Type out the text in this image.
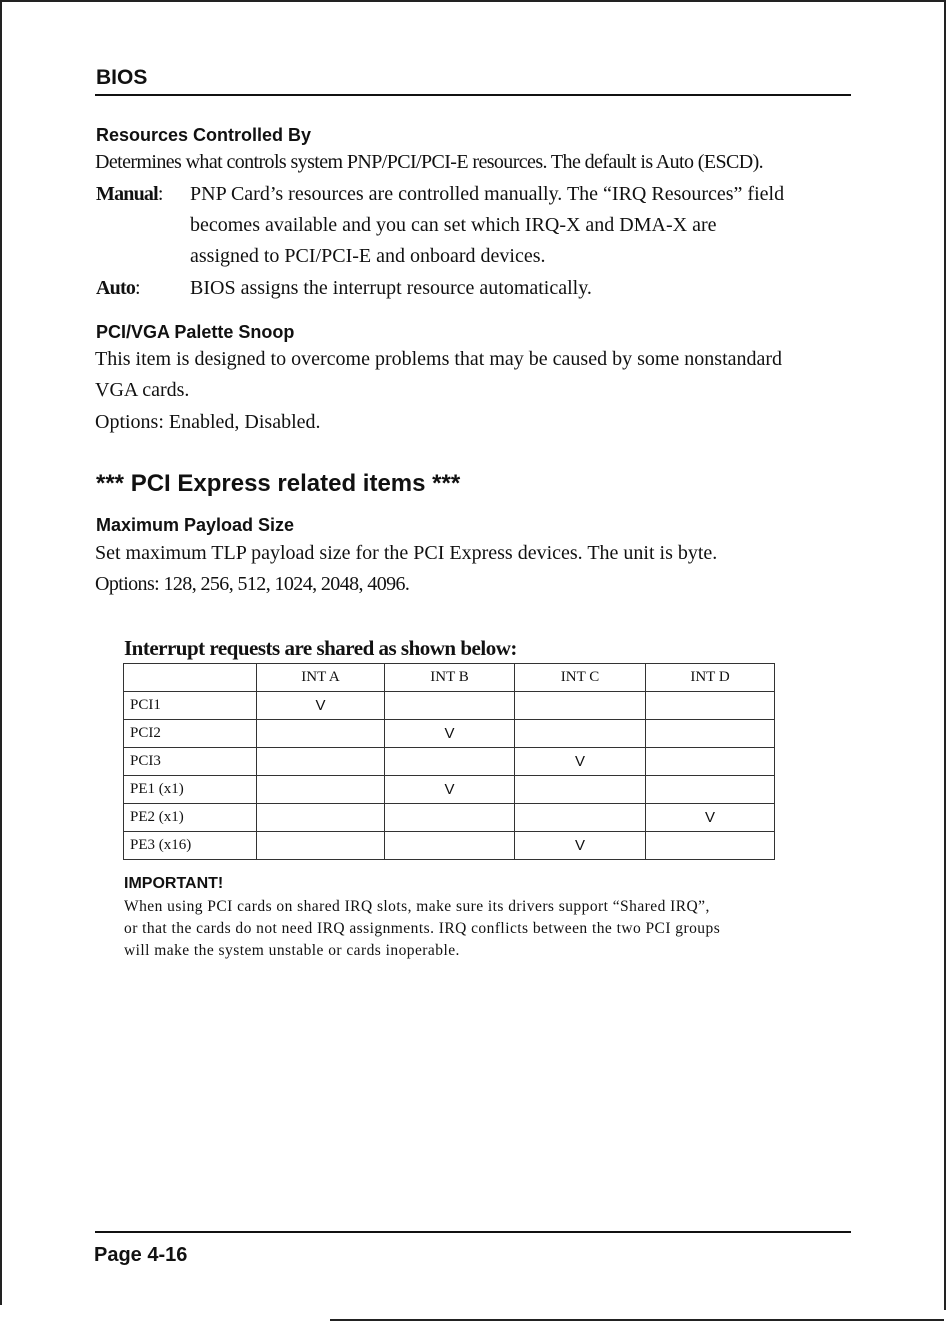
BIOS
Resources Controlled By
Determines what controls system PNP/PCI/PCI-E resources. The default is Auto (ESCD).
Manual: PNP Card’s resources are controlled manually. The “IRQ Resources” field
becomes available and you can set which IRQ-X and DMA-X are
assigned to PCI/PCI-E and onboard devices.
Auto: BIOS assigns the interrupt resource automatically.
PCI/VGA Palette Snoop
This item is designed to overcome problems that may be caused by some nonstandard
VGA cards.
Options: Enabled, Disabled.
*** PCI Express related items ***
Maximum Payload Size
Set maximum TLP payload size for the PCI Express devices. The unit is byte.
Options: 128, 256, 512, 1024, 2048, 4096.
Interrupt requests are shared as shown below:
	INT A	INT B	INT C	INT D
PCI1	V			
PCI2		V		
PCI3			V	
PE1 (x1)		V		
PE2 (x1)				V
PE3 (x16)			V	
IMPORTANT!
When using PCI cards on shared IRQ slots, make sure its drivers support “Shared IRQ”,
or that the cards do not need IRQ assignments. IRQ conflicts between the two PCI groups
will make the system unstable or cards inoperable.
Page 4-16
